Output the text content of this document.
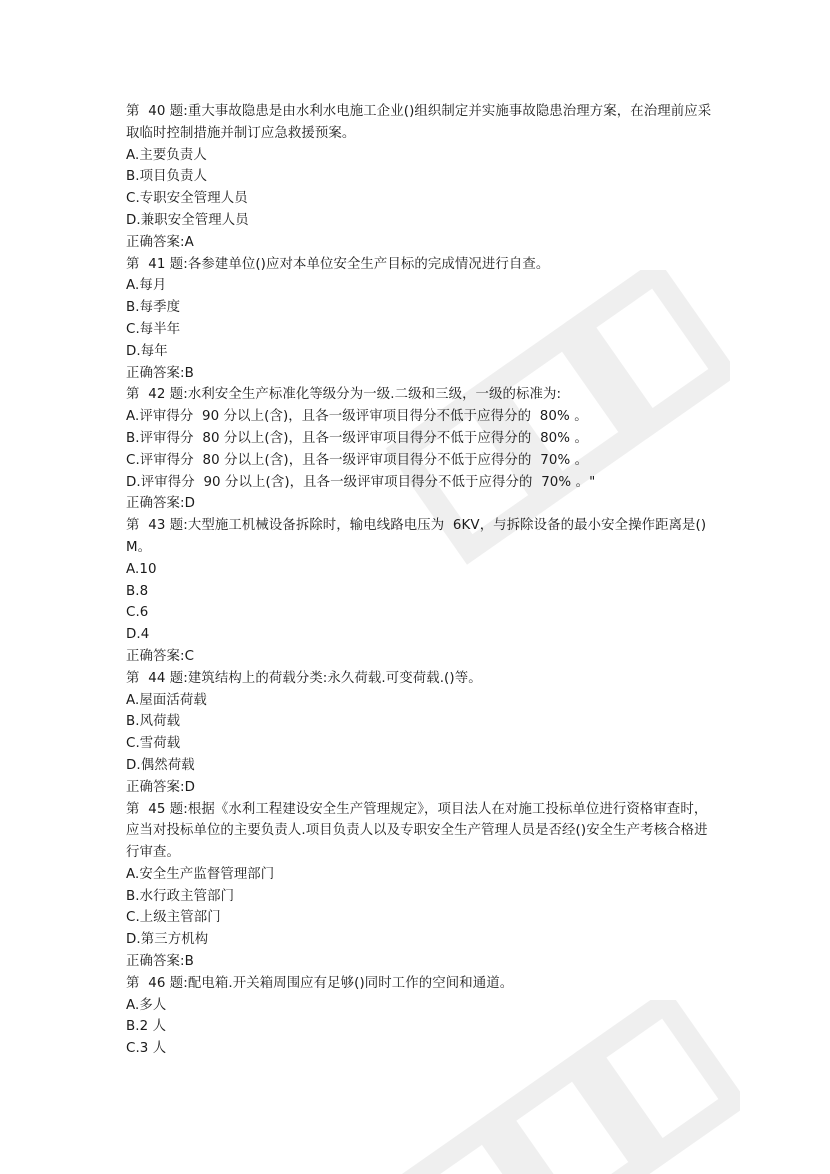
第  40 题:重大事故隐患是由水利水电施工企业()组织制定并实施事故隐患治理方案，在治理前应采取临时控制措施并制订应急救援预案。
A.主要负责人
B.项目负责人
C.专职安全管理人员
D.兼职安全管理人员
正确答案:A
第  41 题:各参建单位()应对本单位安全生产目标的完成情况进行自查。
A.每月
B.每季度
C.每半年
D.每年
正确答案:B
第  42 题:水利安全生产标准化等级分为一级.二级和三级，一级的标准为:
A.评审得分  90 分以上(含)，且各一级评审项目得分不低于应得分的  80% 。
B.评审得分  80 分以上(含)，且各一级评审项目得分不低于应得分的  80% 。
C.评审得分  80 分以上(含)，且各一级评审项目得分不低于应得分的  70% 。
D.评审得分  90 分以上(含)，且各一级评审项目得分不低于应得分的  70% 。"
正确答案:D
第  43 题:大型施工机械设备拆除时，输电线路电压为  6KV，与拆除设备的最小安全操作距离是()M。
A.10
B.8
C.6
D.4
正确答案:C
第  44 题:建筑结构上的荷载分类:永久荷载.可变荷载.()等。
A.屋面活荷载
B.风荷载
C.雪荷载
D.偶然荷载
正确答案:D
第  45 题:根据《水利工程建设安全生产管理规定》，项目法人在对施工投标单位进行资格审查时，  应当对投标单位的主要负责人.项目负责人以及专职安全生产管理人员是否经()安全生产考核合格进行审查。
A.安全生产监督管理部门
B.水行政主管部门
C.上级主管部门
D.第三方机构
正确答案:B
第  46 题:配电箱.开关箱周围应有足够()同时工作的空间和通道。
A.多人
B.2 人
C.3 人
